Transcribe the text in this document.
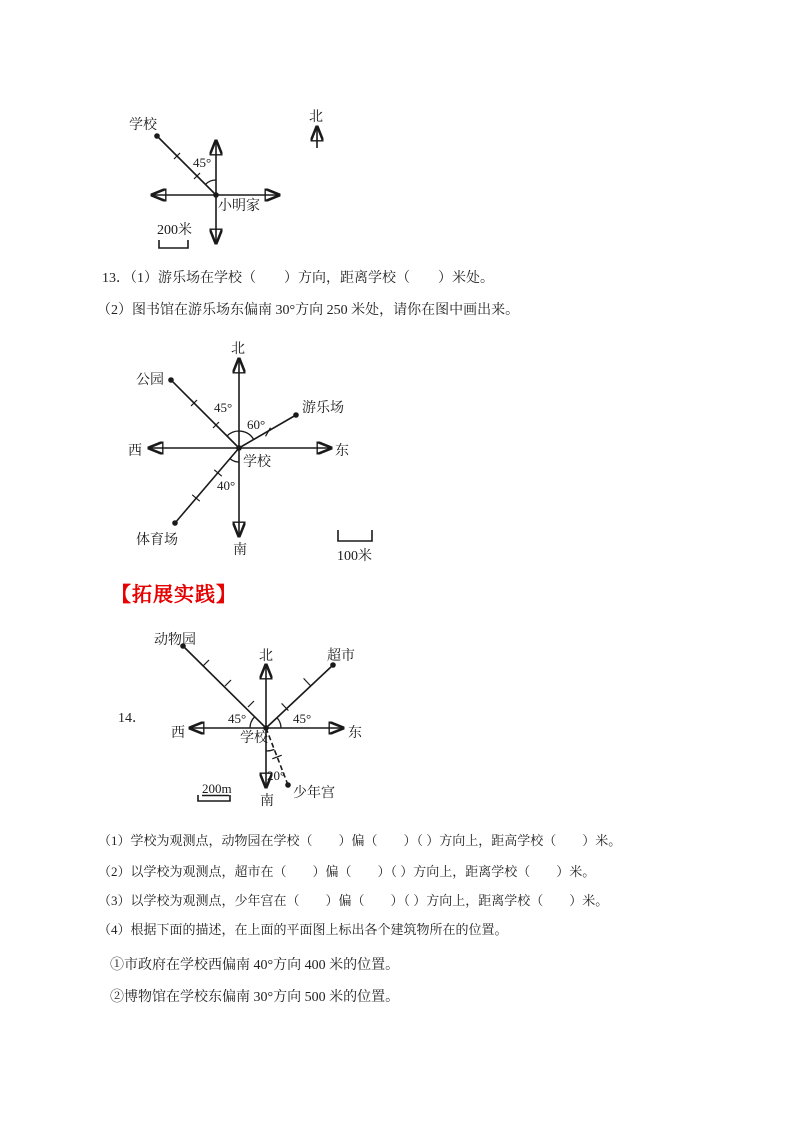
学校
45°
小明家
200米
北
13．（1）游乐场在学校（　　）方向，距离学校（　　）米处。
（2）图书馆在游乐场东偏南 30°方向 250 米处，请你在图中画出来。
北
南
西	东
学校
公园
游乐场
体育场
45°
60°
40°
100米
【拓展实践】
14．
动物园
北	超市
西	东
学校
少年宫
南
45°	45°
20°
200m
（1）学校为观测点，动物园在学校（　　）偏（　　）（ ）方向上，距高学校（　　）米。
（2）以学校为观测点，超市在（　　）偏（　　）（ ）方向上，距离学校（　　）米。
（3）以学校为观测点，少年宫在（　　）偏（　　）（ ）方向上，距离学校（　　）米。
（4）根据下面的描述，在上面的平面图上标出各个建筑物所在的位置。
①市政府在学校西偏南 40°方向 400 米的位置。
②博物馆在学校东偏南 30°方向 500 米的位置。
